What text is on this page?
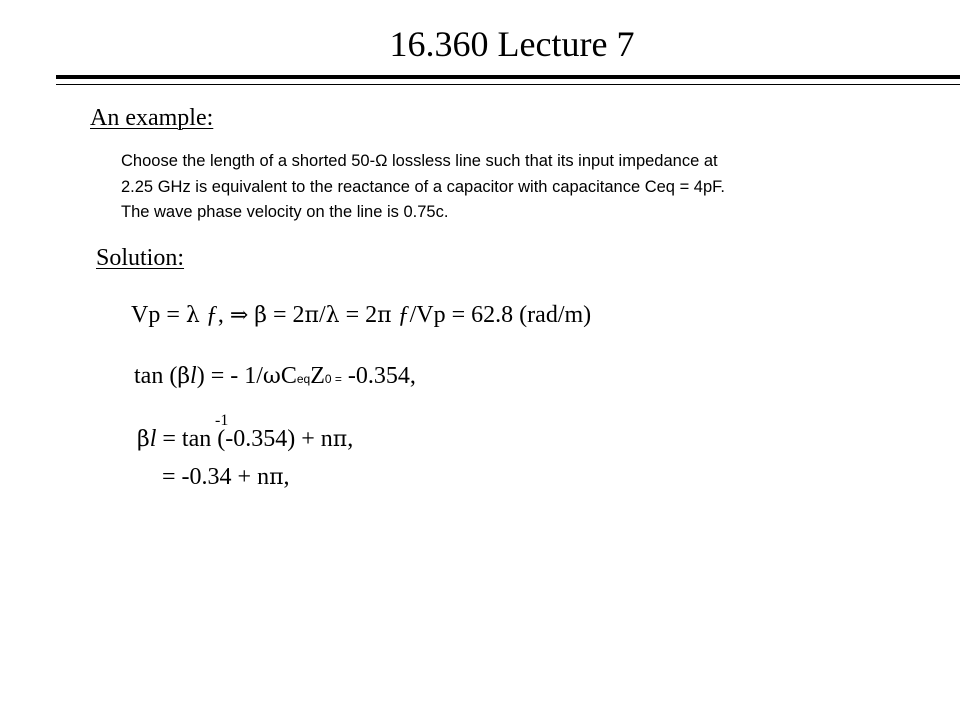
16.360 Lecture 7
An example:
Choose the length of a shorted 50-Ω lossless line such that its input impedance at
2.25 GHz is equivalent to the reactance of a capacitor with capacitance Ceq = 4pF.
The wave phase velocity on the line is 0.75c.
Solution:
Vp = λ ƒ, ⇒ β = 2π/λ = 2π ƒ/Vp = 62.8 (rad/m)
tan (βl) = - 1/ωCeqZ0 = -0.354,
-1
βl = tan (-0.354) + nπ,
= -0.34 + nπ,
